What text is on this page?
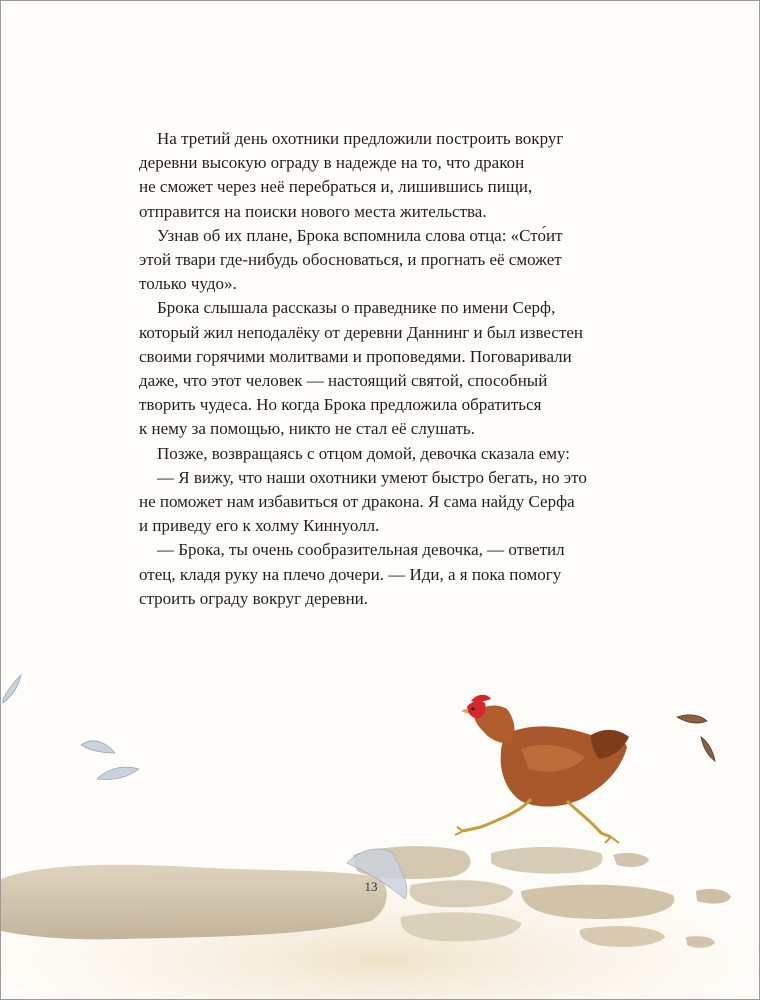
На третий день охотники предложили построить вокруг
деревни высокую ограду в надежде на то, что дракон
не сможет через неё перебраться и, лишившись пищи,
отправится на поиски нового места жительства.

Узнав об их плане, Брока вспомнила слова отца: «Сто́ит
этой твари где-нибудь обосноваться, и прогнать её сможет
только чудо».

Брока слышала рассказы о праведнике по имени Серф,
который жил неподалёку от деревни Даннинг и был известен
своими горячими молитвами и проповедями. Поговаривали
даже, что этот человек — настоящий святой, способный
творить чудеса. Но когда Брока предложила обратиться
к нему за помощью, никто не стал её слушать.

Позже, возвращаясь с отцом домой, девочка сказала ему:

— Я вижу, что наши охотники умеют быстро бегать, но это
не поможет нам избавиться от дракона. Я сама найду Серфа
и приведу его к холму Киннуолл.

— Брока, ты очень сообразительная девочка, — ответил
отец, кладя руку на плечо дочери. — Иди, а я пока помогу
строить ограду вокруг деревни.

13
